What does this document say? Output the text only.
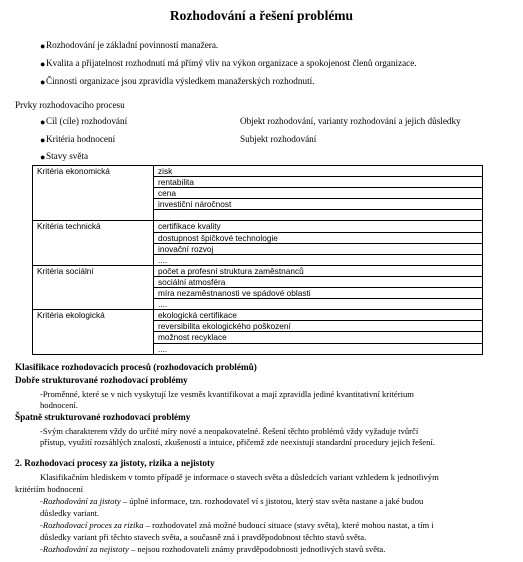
Rozhodování a řešení problému
● Rozhodování je základní povinností manažera.
● Kvalita a přijatelnost rozhodnutí má přímý vliv na výkon organizace a spokojenost členů organizace.
● Činnosti organizace jsou zpravidla výsledkem manažerských rozhodnutí.
Prvky rozhodovacího procesu
● Cíl (cíle) rozhodování	Objekt rozhodování, varianty rozhodování a jejich důsledky
● Kritéria hodnocení	Subjekt rozhodování
● Stavy světa
Kritéria ekonomická	zisk
	rentabilita
	cena
	investiční náročnost

Kritéria technická	certifikace kvality
	dostupnost špičkové technologie
	inovační rozvoj
	....
Kritéria sociální	počet a profesní struktura zaměstnanců
	sociální atmosféra
	míra nezaměstnanosti ve spádové oblasti
	....
Kritéria ekologická	ekologická certifikace
	reversibilita ekologického poškození
	možnost recyklace
	....
Klasifikace rozhodovacích procesů (rozhodovacích problémů)
Dobře strukturované rozhodovací problémy
-Proměnné, které se v nich vyskytují lze vesměs kvantifikovat a mají zpravidla jediné kvantitativní kritérium
hodnocení.
Špatně strukturované rozhodovací problémy
-Svým charakterem vždy do určité míry nové a neopakovatelné. Řešení těchto problémů vždy vyžaduje tvůrčí
přístup, využití rozsáhlých znalostí, zkušeností a intuice, přičemž zde neexistují standardní procedury jejich řešení.
2. Rozhodovací procesy za jistoty, rizika a nejistoty
Klasifikačním hlediskem v tomto případě je informace o stavech světa a důsledcích variant vzhledem k jednotlivým
kritériím hodnocení
-Rozhodování za jistoty – úplné informace, tzn. rozhodovatel ví s jistotou, který stav světa nastane a jaké budou
důsledky variant.
-Rozhodovací proces za rizika – rozhodovatel zná možné budoucí situace (stavy světa), které mohou nastat, a tím i
důsledky variant při těchto stavech světa, a současně zná i pravděpodobnost těchto stavů světa.
-Rozhodování za nejistoty – nejsou rozhodovateli známy pravděpodobnosti jednotlivých stavů světa.
